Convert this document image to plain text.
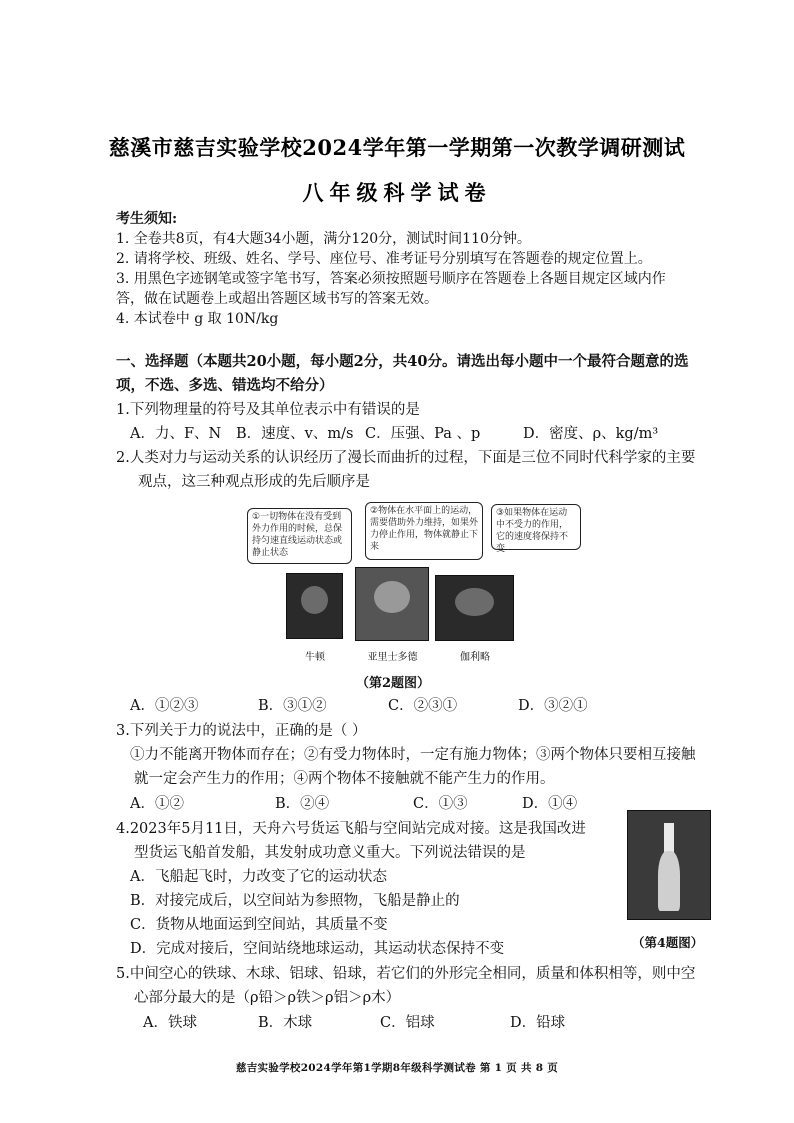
慈溪市慈吉实验学校2024学年第一学期第一次教学调研测试
八年级科学试卷
考生须知:
1. 全卷共8页，有4大题34小题，满分120分，测试时间110分钟。
2. 请将学校、班级、姓名、学号、座位号、准考证号分别填写在答题卷的规定位置上。
3. 用黑色字迹钢笔或签字笔书写，答案必须按照题号顺序在答题卷上各题目规定区域内作
答，做在试题卷上或超出答题区域书写的答案无效。
4. 本试卷中 g 取 10N/kg
一、选择题（本题共20小题，每小题2分，共40分。请选出每小题中一个最符合题意的选
项，不选、多选、错选均不给分）
1.下列物理量的符号及其单位表示中有错误的是
A．力、F、N B．速度、v、m/s C．压强、Pa 、p	D．密度、ρ、kg/m³
2.人类对力与运动关系的认识经历了漫长而曲折的过程，下面是三位不同时代科学家的主要
观点，这三种观点形成的先后顺序是
①一切物体在没有受到外力作用的时候，总保持匀速直线运动状态或静止状态
②物体在水平面上的运动，需要借助外力维持，如果外力停止作用，物体就静止下来
③如果物体在运动中不受力的作用，它的速度将保持不变
牛顿	亚里士多德	伽利略
（第2题图）
A．①②③	B．③①②	C．②③①	D．③②①
3.下列关于力的说法中，正确的是（ ）
①力不能离开物体而存在；②有受力物体时，一定有施力物体；③两个物体只要相互接触
就一定会产生力的作用；④两个物体不接触就不能产生力的作用。
A．①②	B．②④	C．①③	D．①④
4.2023年5月11日，天舟六号货运飞船与空间站完成对接。这是我国改进
型货运飞船首发船，其发射成功意义重大。下列说法错误的是
A．飞船起飞时，力改变了它的运动状态
B．对接完成后，以空间站为参照物，飞船是静止的
C．货物从地面运到空间站，其质量不变
D．完成对接后，空间站绕地球运动，其运动状态保持不变	（第4题图）
5.中间空心的铁球、木球、铝球、铅球，若它们的外形完全相同，质量和体积相等，则中空
心部分最大的是（ρ铅＞ρ铁＞ρ铝＞ρ木）
A．铁球	B．木球	C．铝球	D．铅球
慈吉实验学校2024学年第1学期8年级科学测试卷 第 1 页 共 8 页
